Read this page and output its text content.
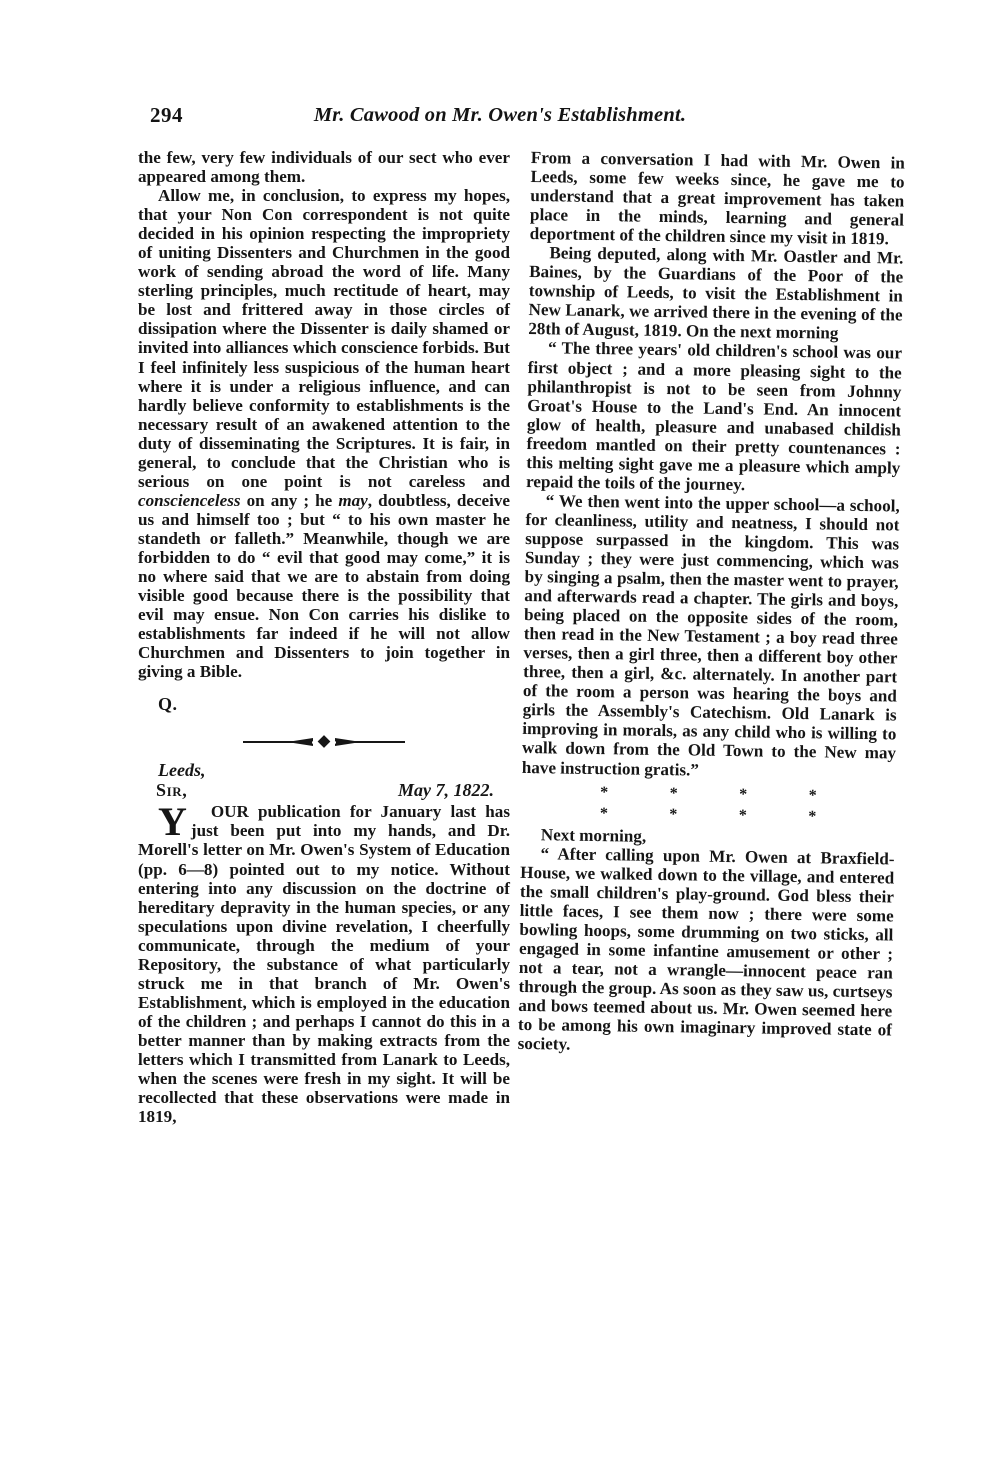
294	Mr. Cawood on Mr. Owen's Establishment.

the few, very few individuals of our sect who ever appeared among them.

Allow me, in conclusion, to express my hopes, that your Non Con correspondent is not quite decided in his opinion respecting the impropriety of uniting Dissenters and Churchmen in the good work of sending abroad the word of life. Many sterling principles, much rectitude of heart, may be lost and frittered away in those circles of dissipation where the Dissenter is daily shamed or invited into alliances which conscience forbids. But I feel infinitely less suspicious of the human heart where it is under a religious influence, and can hardly believe conformity to establishments is the necessary result of an awakened attention to the duty of disseminating the Scriptures. It is fair, in general, to conclude that the Christian who is serious on one point is not careless and conscienceless on any ; he may, doubtless, deceive us and himself too ; but “ to his own master he standeth or falleth.” Meanwhile, though we are forbidden to do “ evil that good may come,” it is no where said that we are to abstain from doing visible good because there is the possibility that evil may ensue. Non Con carries his dislike to establishments far indeed if he will not allow Churchmen and Dissenters to join together in giving a Bible.

Q.

Leeds,

Sir,	May 7, 1822.

Y OUR publication for January last has just been put into my hands, and Dr. Morell's letter on Mr. Owen's System of Education (pp. 6—8) pointed out to my notice. Without entering into any discussion on the doctrine of hereditary depravity in the human species, or any speculations upon divine revelation, I cheerfully communicate, through the medium of your Repository, the substance of what particularly struck me in that branch of Mr. Owen's Establishment, which is employed in the education of the children ; and perhaps I cannot do this in a better manner than by making extracts from the letters which I transmitted from Lanark to Leeds, when the scenes were fresh in my sight. It will be recollected that these observations were made in 1819,

From a conversation I had with Mr. Owen in Leeds, some few weeks since, he gave me to understand that a great improvement has taken place in the minds, learning and general deportment of the children since my visit in 1819.

Being deputed, along with Mr. Oastler and Mr. Baines, by the Guardians of the Poor of the township of Leeds, to visit the Establishment in New Lanark, we arrived there in the evening of the 28th of August, 1819. On the next morning

“ The three years' old children's school was our first object ; and a more pleasing sight to the philanthropist is not to be seen from Johnny Groat's House to the Land's End. An innocent glow of health, pleasure and unabased childish freedom mantled on their pretty countenances : this melting sight gave me a pleasure which amply repaid the toils of the journey.

“ We then went into the upper school—a school, for cleanliness, utility and neatness, I should not suppose surpassed in the kingdom. This was Sunday ; they were just commencing, which was by singing a psalm, then the master went to prayer, and afterwards read a chapter. The girls and boys, being placed on the opposite sides of the room, then read in the New Testament ; a boy read three verses, then a girl three, then a different boy other three, then a girl, &c. alternately. In another part of the room a person was hearing the boys and girls the Assembly's Catechism. Old Lanark is improving in morals, as any child who is willing to walk down from the Old Town to the New may have instruction gratis.”

*	*	*	*
*	*	*	*

Next morning,

“ After calling upon Mr. Owen at Braxfield-House, we walked down to the village, and entered the small children's play-ground. God bless their little faces, I see them now ; there were some bowling hoops, some drumming on two sticks, all engaged in some infantine amusement or other ; not a tear, not a wrangle—innocent peace ran through the group. As soon as they saw us, curtseys and bows teemed about us. Mr. Owen seemed here to be among his own imaginary improved state of society.
